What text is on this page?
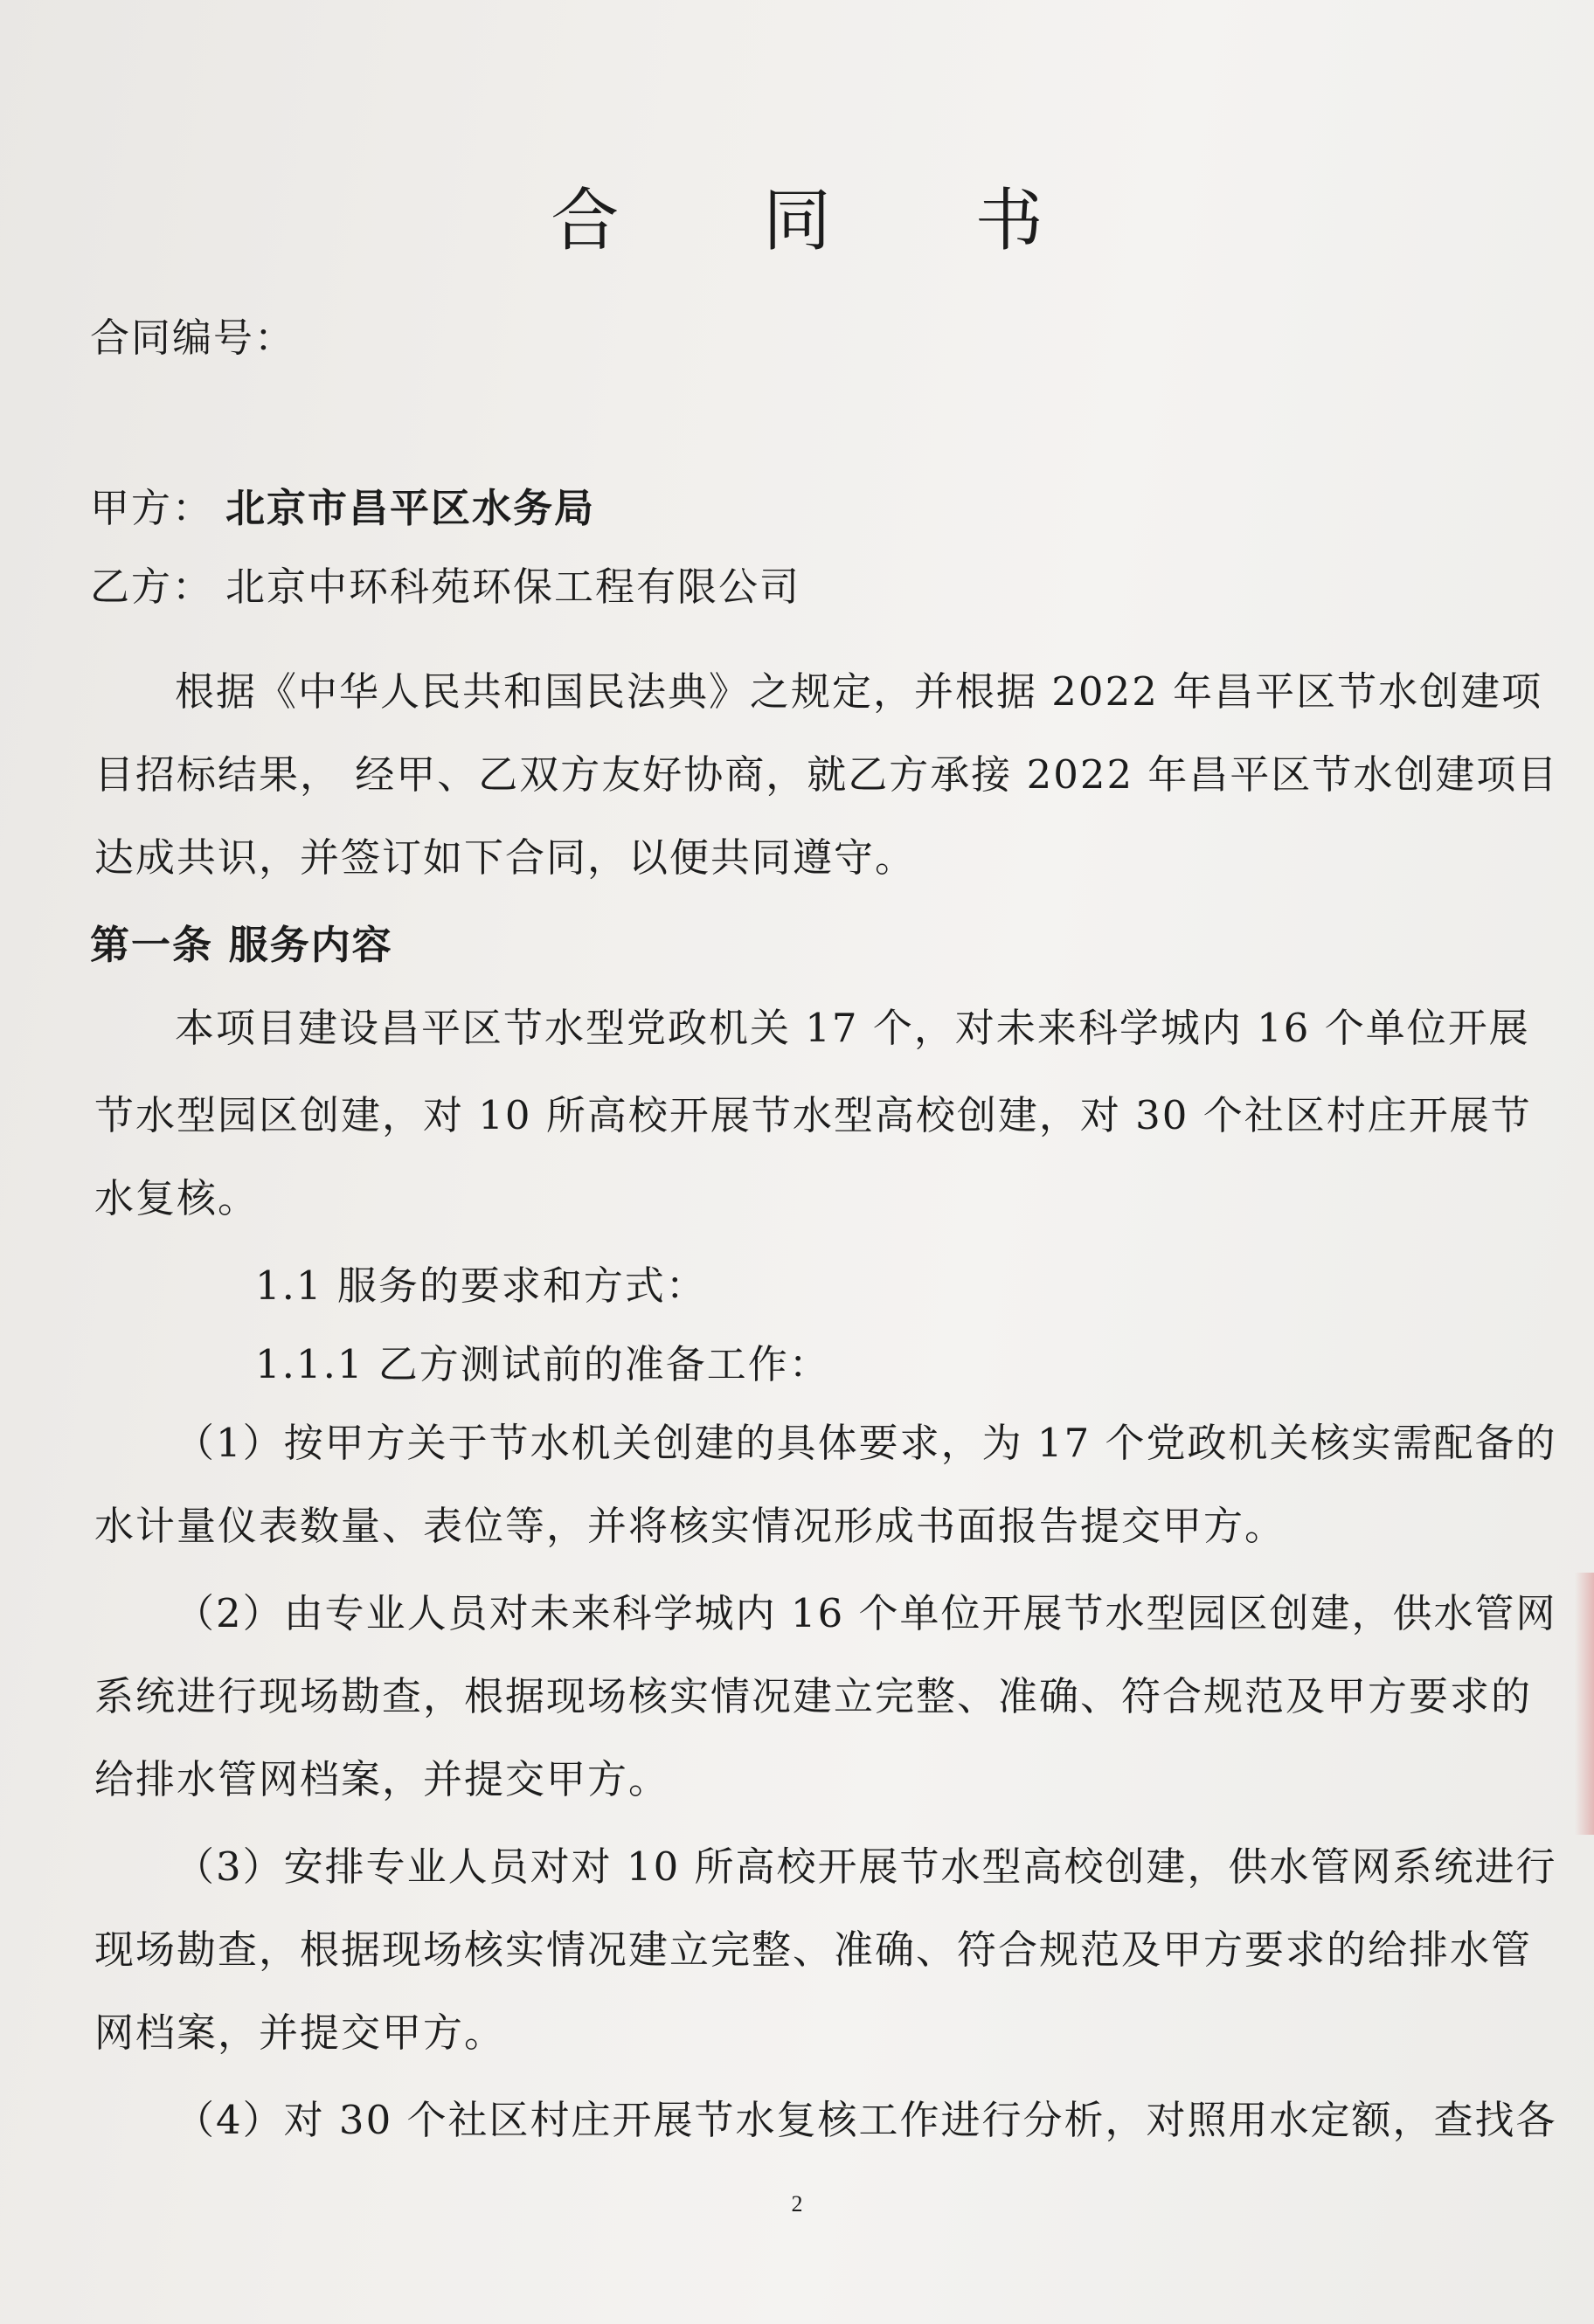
合 同 书
合同编号：
甲方： 北京市昌平区水务局
乙方： 北京中环科苑环保工程有限公司
根据《中华人民共和国民法典》之规定，并根据 2022 年昌平区节水创建项
目招标结果， 经甲、乙双方友好协商，就乙方承接 2022 年昌平区节水创建项目
达成共识，并签订如下合同，以便共同遵守。
第一条 服务内容
本项目建设昌平区节水型党政机关 17 个，对未来科学城内 16 个单位开展
节水型园区创建，对 10 所高校开展节水型高校创建，对 30 个社区村庄开展节
水复核。
1.1 服务的要求和方式：
1.1.1 乙方测试前的准备工作：
（1）按甲方关于节水机关创建的具体要求，为 17 个党政机关核实需配备的
水计量仪表数量、表位等，并将核实情况形成书面报告提交甲方。
（2）由专业人员对未来科学城内 16 个单位开展节水型园区创建，供水管网
系统进行现场勘查，根据现场核实情况建立完整、准确、符合规范及甲方要求的
给排水管网档案，并提交甲方。
（3）安排专业人员对对 10 所高校开展节水型高校创建，供水管网系统进行
现场勘查，根据现场核实情况建立完整、准确、符合规范及甲方要求的给排水管
网档案，并提交甲方。
（4）对 30 个社区村庄开展节水复核工作进行分析，对照用水定额，查找各
2
